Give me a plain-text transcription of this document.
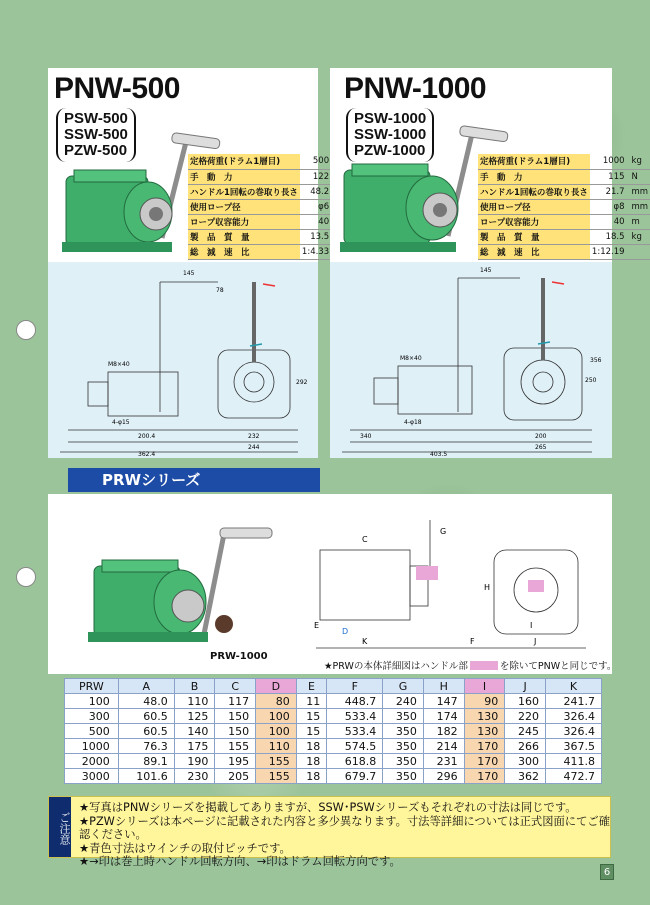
PNW-500
PSW-500
SSW-500
PZW-500
定格荷重(ドラム1層目)	500	
手　動　力	122	
ハンドル1回転の巻取り長さ	48.2	
使用ロープ径	φ6	
ロープ収容能力	40	
製　品　質　量	13.5	
総　減　速　比	1:4.33	
PNW-1000
PSW-1000
SSW-1000
PZW-1000
定格荷重(ドラム1層目)	1000	kg
手　動　力	115	N
ハンドル1回転の巻取り長さ	21.7	mm
使用ロープ径	φ8	mm
ロープ収容能力	40	m
製　品　質　量	18.5	kg
総　減　速　比	1:12.19	
145
78
M8×40
4-φ15
292
232
244
200.4
362.4
145
M8×40
4-φ18
200
250
265
403.5
340
356
PRWシリーズ
PRW-1000
C
G
H
D
E
K	F
I
J
★PRWの本体詳細図はハンドル部	を除いてPNWと同じです。
PRW	A	B	C	D	E	F	G	H	I	J	K
100	48.0	110	117	80	11	448.7	240	147	90	160	241.7
300	60.5	125	150	100	15	533.4	350	174	130	220	326.4
500	60.5	140	150	100	15	533.4	350	182	130	245	326.4
1000	76.3	175	155	110	18	574.5	350	214	170	266	367.5
2000	89.1	190	195	155	18	618.8	350	231	170	300	411.8
3000	101.6	230	205	155	18	679.7	350	296	170	362	472.7
ご注意
★写真はPNWシリーズを掲載してありますが、SSW･PSWシリーズもそれぞれの寸法は同じです。
★PZWシリーズは本ページに記載された内容と多少異なります。寸法等詳細については正式図面にてご確認ください。
★青色寸法はウインチの取付ピッチです。
★→印は巻上時ハンドル回転方向、→印はドラム回転方向です。
6
